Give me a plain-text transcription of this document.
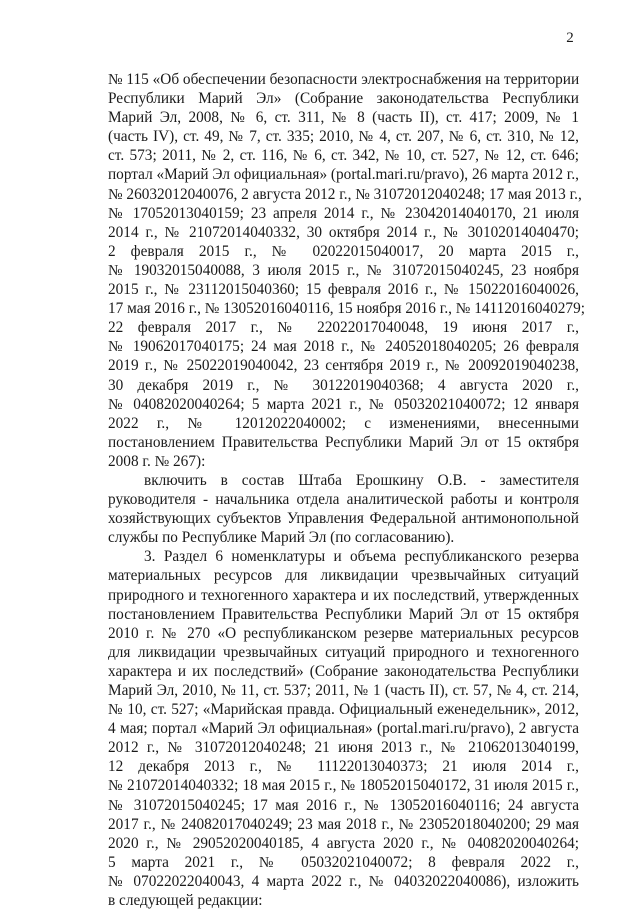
2
№ 115 «Об обеспечении безопасности электроснабжения на территории
Республики Марий Эл» (Собрание законодательства Республики
Марий Эл, 2008, № 6, ст. 311, № 8 (часть II), ст. 417; 2009, № 1
(часть IV), ст. 49, № 7, ст. 335; 2010, № 4, ст. 207, № 6, ст. 310, № 12,
ст. 573; 2011, № 2, ст. 116, № 6, ст. 342, № 10, ст. 527, № 12, ст. 646;
портал «Марий Эл официальная» (portal.mari.ru/pravo), 26 марта 2012 г.,
№ 26032012040076, 2 августа 2012 г., № 31072012040248; 17 мая 2013 г.,
№ 17052013040159; 23 апреля 2014 г., № 23042014040170, 21 июля
2014 г., № 21072014040332, 30 октября 2014 г., № 30102014040470;
2 февраля 2015 г., № 02022015040017, 20 марта 2015 г.,
№ 19032015040088, 3 июля 2015 г., № 31072015040245, 23 ноября
2015 г., № 23112015040360; 15 февраля 2016 г., № 15022016040026,
17 мая 2016 г., № 13052016040116, 15 ноября 2016 г., № 14112016040279;
22 февраля 2017 г., № 22022017040048, 19 июня 2017 г.,
№ 19062017040175; 24 мая 2018 г., № 24052018040205; 26 февраля
2019 г., № 25022019040042, 23 сентября 2019 г., № 20092019040238,
30 декабря 2019 г., № 30122019040368; 4 августа 2020 г.,
№ 04082020040264; 5 марта 2021 г., № 05032021040072; 12 января
2022 г., № 12012022040002; с изменениями, внесенными
постановлением Правительства Республики Марий Эл от 15 октября
2008 г. № 267):
включить в состав Штаба Ерошкину О.В. - заместителя
руководителя - начальника отдела аналитической работы и контроля
хозяйствующих субъектов Управления Федеральной антимонопольной
службы по Республике Марий Эл (по согласованию).
3. Раздел 6 номенклатуры и объема республиканского резерва
материальных ресурсов для ликвидации чрезвычайных ситуаций
природного и техногенного характера и их последствий, утвержденных
постановлением Правительства Республики Марий Эл от 15 октября
2010 г. № 270 «О республиканском резерве материальных ресурсов
для ликвидации чрезвычайных ситуаций природного и техногенного
характера и их последствий» (Собрание законодательства Республики
Марий Эл, 2010, № 11, ст. 537; 2011, № 1 (часть II), ст. 57, № 4, ст. 214,
№ 10, ст. 527; «Марийская правда. Официальный еженедельник», 2012,
4 мая; портал «Марий Эл официальная» (portal.mari.ru/pravo), 2 августа
2012 г., № 31072012040248; 21 июня 2013 г., № 21062013040199,
12 декабря 2013 г., № 11122013040373; 21 июля 2014 г.,
№ 21072014040332; 18 мая 2015 г., № 18052015040172, 31 июля 2015 г.,
№ 31072015040245; 17 мая 2016 г., № 13052016040116; 24 августа
2017 г., № 24082017040249; 23 мая 2018 г., № 23052018040200; 29 мая
2020 г., № 29052020040185, 4 августа 2020 г., № 04082020040264;
5 марта 2021 г., № 05032021040072; 8 февраля 2022 г.,
№ 07022022040043, 4 марта 2022 г., № 04032022040086), изложить
в следующей редакции:
